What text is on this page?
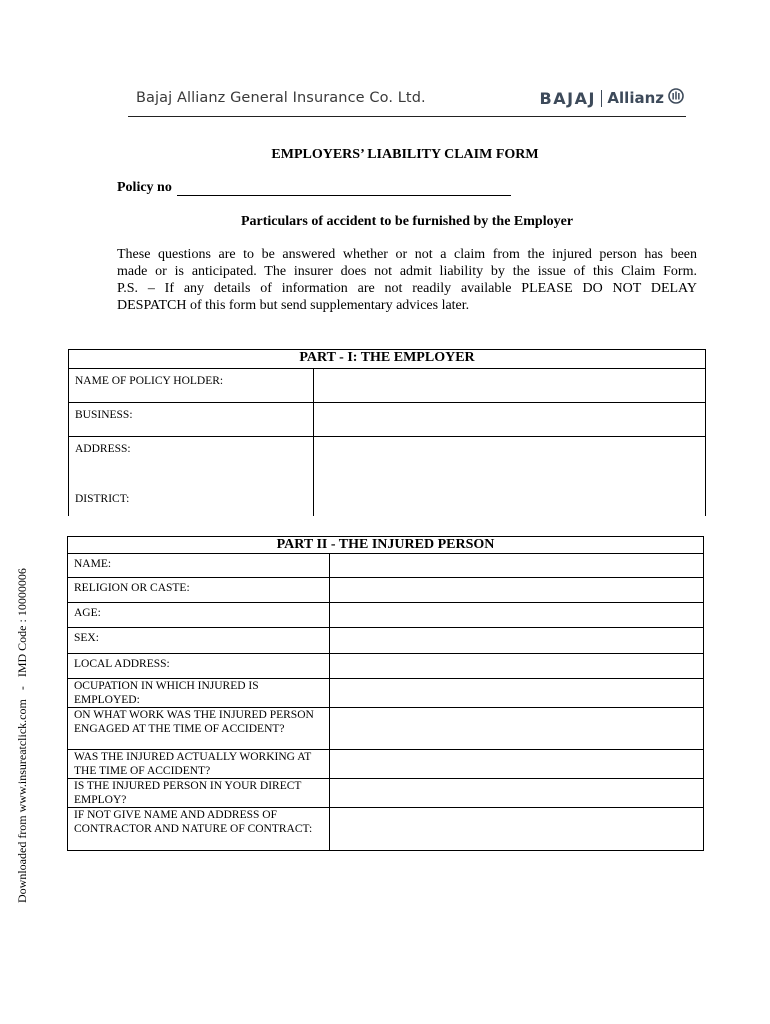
Bajaj Allianz General Insurance Co. Ltd.	BAJAJ Allianz
EMPLOYERS’ LIABILITY CLAIM FORM
Policy no
Particulars of accident to be furnished by the Employer
These questions are to be answered whether or not a claim from the injured person has been
made or is anticipated. The insurer does not admit liability by the issue of this Claim Form.
P.S. – If any details of information are not readily available PLEASE DO NOT DELAY
DESPATCH of this form but send supplementary advices later.
PART - I: THE EMPLOYER	
NAME OF POLICY HOLDER:	
BUSINESS:	

ADDRESS:
DISTRICT:	

PART II - THE INJURED PERSON	
NAME:	
RELIGION OR CASTE:	
AGE:	
SEX:	
LOCAL ADDRESS:	
OCUPATION IN WHICH INJURED IS EMPLOYED:	
ON WHAT WORK WAS THE INJURED PERSON ENGAGED AT THE TIME OF ACCIDENT?	
WAS THE INJURED ACTUALLY WORKING AT THE TIME OF ACCIDENT?	
IS THE INJURED PERSON IN YOUR DIRECT EMPLOY?	
IF NOT GIVE NAME AND ADDRESS OF CONTRACTOR AND NATURE OF CONTRACT:	
Downloaded from www.insureatclick.com   -   IMD Code : 10000006
